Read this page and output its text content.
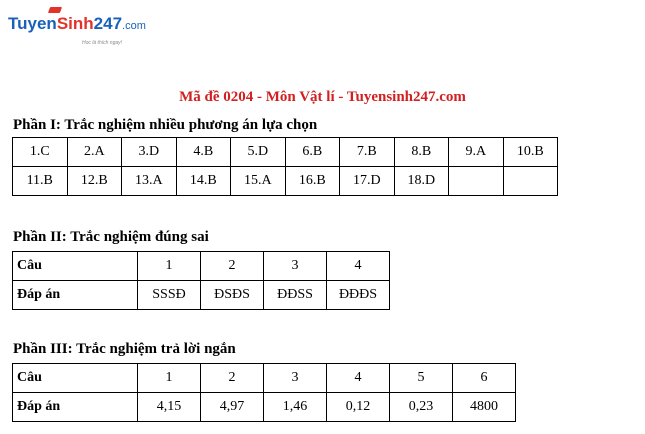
TuyenSinh247.com
Hoc là thích ngay!
Mã đề 0204 - Môn Vật lí - Tuyensinh247.com
Phần I: Trắc nghiệm nhiều phương án lựa chọn
1.C	2.A	3.D	4.B	5.D	6.B	7.B	8.B	9.A	10.B
11.B	12.B	13.A	14.B	15.A	16.B	17.D	18.D		
Phần II: Trắc nghiệm đúng sai
Câu	1	2	3	4
Đáp án	SSSĐ	ĐSĐS	ĐĐSS	ĐĐĐS
Phần III: Trắc nghiệm trả lời ngắn
Câu	1	2	3	4	5	6
Đáp án	4,15	4,97	1,46	0,12	0,23	4800
